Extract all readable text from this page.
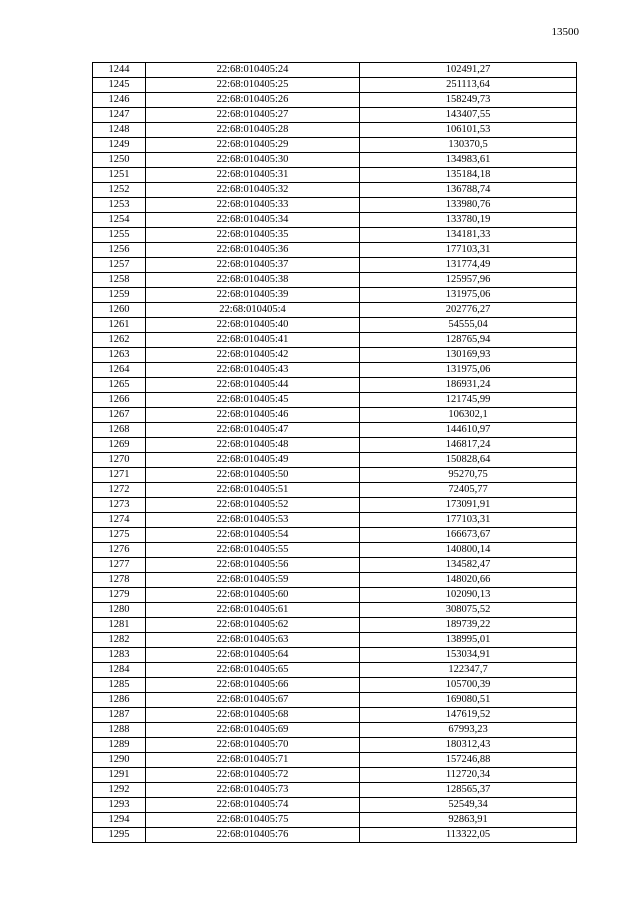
13500
1244	22:68:010405:24	102491,27
1245	22:68:010405:25	251113,64
1246	22:68:010405:26	158249,73
1247	22:68:010405:27	143407,55
1248	22:68:010405:28	106101,53
1249	22:68:010405:29	130370,5
1250	22:68:010405:30	134983,61
1251	22:68:010405:31	135184,18
1252	22:68:010405:32	136788,74
1253	22:68:010405:33	133980,76
1254	22:68:010405:34	133780,19
1255	22:68:010405:35	134181,33
1256	22:68:010405:36	177103,31
1257	22:68:010405:37	131774,49
1258	22:68:010405:38	125957,96
1259	22:68:010405:39	131975,06
1260	22:68:010405:4	202776,27
1261	22:68:010405:40	54555,04
1262	22:68:010405:41	128765,94
1263	22:68:010405:42	130169,93
1264	22:68:010405:43	131975,06
1265	22:68:010405:44	186931,24
1266	22:68:010405:45	121745,99
1267	22:68:010405:46	106302,1
1268	22:68:010405:47	144610,97
1269	22:68:010405:48	146817,24
1270	22:68:010405:49	150828,64
1271	22:68:010405:50	95270,75
1272	22:68:010405:51	72405,77
1273	22:68:010405:52	173091,91
1274	22:68:010405:53	177103,31
1275	22:68:010405:54	166673,67
1276	22:68:010405:55	140800,14
1277	22:68:010405:56	134582,47
1278	22:68:010405:59	148020,66
1279	22:68:010405:60	102090,13
1280	22:68:010405:61	308075,52
1281	22:68:010405:62	189739,22
1282	22:68:010405:63	138995,01
1283	22:68:010405:64	153034,91
1284	22:68:010405:65	122347,7
1285	22:68:010405:66	105700,39
1286	22:68:010405:67	169080,51
1287	22:68:010405:68	147619,52
1288	22:68:010405:69	67993,23
1289	22:68:010405:70	180312,43
1290	22:68:010405:71	157246,88
1291	22:68:010405:72	112720,34
1292	22:68:010405:73	128565,37
1293	22:68:010405:74	52549,34
1294	22:68:010405:75	92863,91
1295	22:68:010405:76	113322,05
